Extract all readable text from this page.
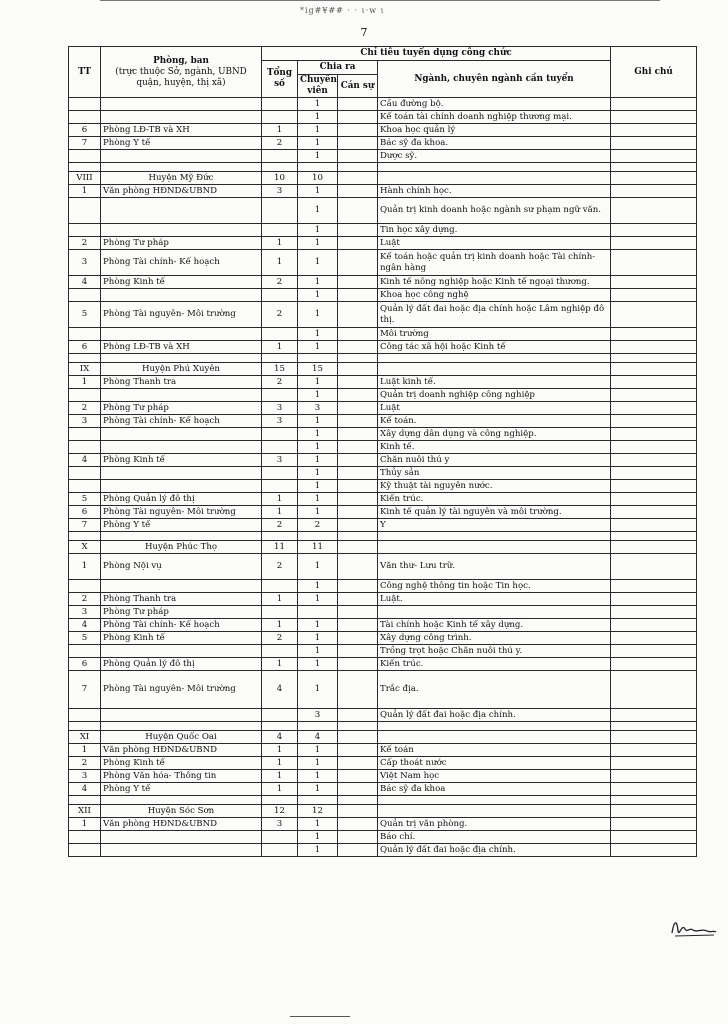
*ig#¥## · · ι·w ι
7
TT	Phòng, ban
(trực thuộc Sở, ngành, UBND quận, huyện, thị xã)	Chỉ tiêu tuyển dụng công chức				Ghi chú
		Tổng số	Chia ra		Ngành, chuyên ngành cần tuyển	
			Chuyên viên	Cán sự		
			1		Cầu đường bộ.	
			1		Kế toán tài chính doanh nghiệp thương mại.	
6	Phòng LĐ-TB và XH	1	1		Khoa học quản lý	
7	Phòng Y tế	2	1		Bác sỹ đa khoa.	
			1		Dược sỹ.	

VIII	Huyện Mỹ Đức	10	10			
1	Văn phòng HĐND&UBND	3	1		Hành chính học.	
			1		Quản trị kinh doanh hoặc ngành sư phạm ngữ văn.	
			1		Tin học xây dựng.	
2	Phòng Tư pháp	1	1		Luật	
3	Phòng Tài chính- Kế hoạch	1	1		Kế toán hoặc quản trị kinh doanh hoặc Tài chính- ngân hàng	
4	Phòng Kinh tế	2	1		Kinh tế nông nghiệp hoặc Kinh tế ngoại thương.	
			1		Khoa học công nghệ	
5	Phòng Tài nguyên- Môi trường	2	1		Quản lý đất đai hoặc địa chính hoặc Lâm nghiệp đô thị.	
			1		Môi trường	
6	Phòng LĐ-TB và XH	1	1		Công tác xã hội hoặc Kinh tế	

IX	Huyện Phú Xuyên	15	15			
1	Phòng Thanh tra	2	1		Luật kinh tế.	
			1		Quản trị doanh nghiệp công nghiệp	
2	Phòng Tư pháp	3	3		Luật	
3	Phòng Tài chính- Kế hoạch	3	1		Kế toán.	
			1		Xây dựng dân dụng và công nghiệp.	
			1		Kinh tế.	
4	Phòng Kinh tế	3	1		Chăn nuôi thú y	
			1		Thủy sản	
			1		Kỹ thuật tài nguyên nước.	
5	Phòng Quản lý đô thị	1	1		Kiến trúc.	
6	Phòng Tài nguyên- Môi trường	1	1		Kinh tế quản lý tài nguyên và môi trường.	
7	Phòng Y tế	2	2		Y	

X	Huyện Phúc Thọ	11	11			
1	Phòng Nội vụ	2	1		Văn thư- Lưu trữ.	
			1		Công nghệ thông tin hoặc Tin học.	
2	Phòng Thanh tra	1	1		Luật.	
3	Phòng Tư pháp					
4	Phòng Tài chính- Kế hoạch	1	1		Tài chính hoặc Kinh tế xây dựng.	
5	Phòng Kinh tế	2	1		Xây dựng công trình.	
			1		Trồng trọt hoặc Chăn nuôi thú y.	
6	Phòng Quản lý đô thị	1	1		Kiến trúc.	
7	Phòng Tài nguyên- Môi trường	4	1		Trắc địa.	
			3		Quản lý đất đai hoặc địa chính.	

XI	Huyện Quốc Oai	4	4			
1	Văn phòng HĐND&UBND	1	1		Kế toán	
2	Phòng Kinh tế	1	1		Cấp thoát nước	
3	Phòng Văn hóa- Thông tin	1	1		Việt Nam học	
4	Phòng Y tế	1	1		Bác sỹ đa khoa	

XII	Huyện Sóc Sơn	12	12			
1	Văn phòng HĐND&UBND	3	1		Quản trị văn phòng.	
			1		Báo chí.	
			1		Quản lý đất đai hoặc địa chính.	
